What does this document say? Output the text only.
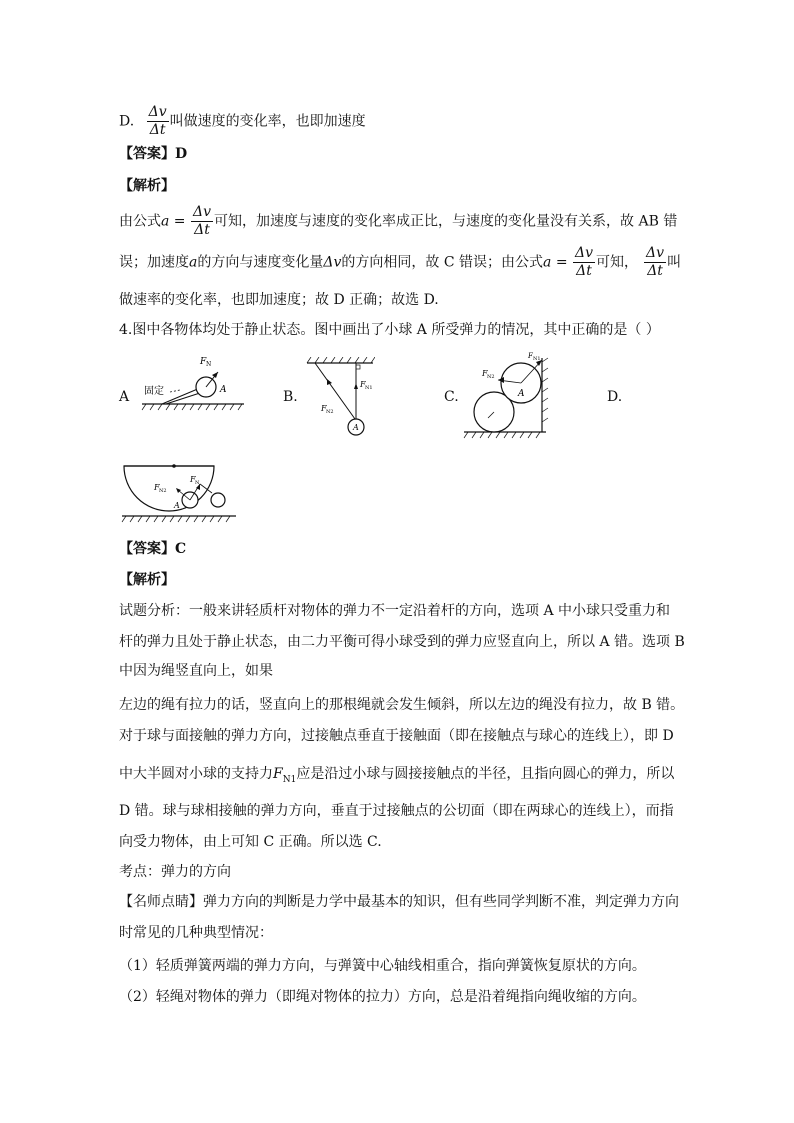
D. $\frac{\Delta v}{\Delta t}$ 叫做速度的变化率，也即加速度
【答案】D
【解析】
由公式$a = \frac{\Delta v}{\Delta t}$ 可知，加速度与速度的变化率成正比，与速度的变化量没有关系，故 AB 错
误；加速度a的方向与速度变化量Δv的方向相同，故 C 错误；由公式$a = \frac{\Delta v}{\Delta t}$ 可知， $\frac{\Delta v}{\Delta t}$ 叫
做速率的变化率，也即加速度；故 D 正确；故选 D.
4.图中各物体均处于静止状态。图中画出了小球 A 所受弹力的情况，其中正确的是（ ）
A	B.	C.	D.
F N
A
固定
F N1
F N2
A
F N1
F N2
A
F N
F N2
A
【答案】C
【解析】
试题分析：一般来讲轻质杆对物体的弹力不一定沿着杆的方向，选项 A 中小球只受重力和
杆的弹力且处于静止状态，由二力平衡可得小球受到的弹力应竖直向上，所以 A 错。选项 B
中因为绳竖直向上，如果
左边的绳有拉力的话，竖直向上的那根绳就会发生倾斜，所以左边的绳没有拉力，故 B 错。
对于球与面接触的弹力方向，过接触点垂直于接触面（即在接触点与球心的连线上），即 D
中大半圆对小球的支持力$F_{N1}$应是沿过小球与圆接接触点的半径，且指向圆心的弹力，所以
D 错。球与球相接触的弹力方向，垂直于过接触点的公切面（即在两球心的连线上），而指
向受力物体，由上可知 C 正确。所以选 C.
考点：弹力的方向
【名师点睛】弹力方向的判断是力学中最基本的知识，但有些同学判断不准，判定弹力方向
时常见的几种典型情况：
（1）轻质弹簧两端的弹力方向，与弹簧中心轴线相重合，指向弹簧恢复原状的方向。
（2）轻绳对物体的弹力（即绳对物体的拉力）方向，总是沿着绳指向绳收缩的方向。
